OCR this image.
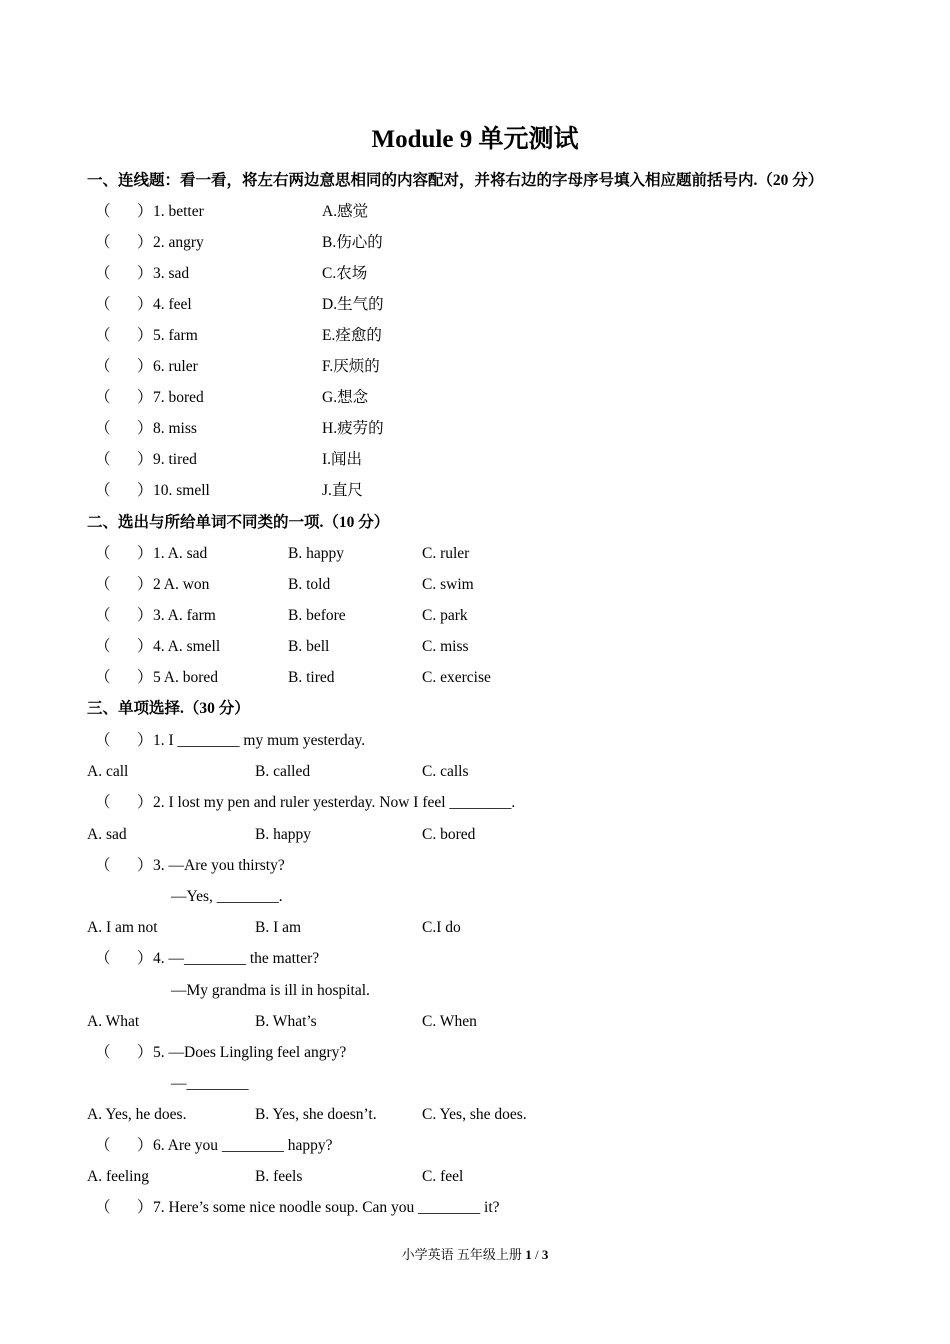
Module 9 单元测试
一、连线题：看一看，将左右两边意思相同的内容配对，并将右边的字母序号填入相应题前括号内.（20 分）
（ ） 1. better	A.感觉
（ ） 2. angry	B.伤心的
（ ） 3. sad	C.农场
（ ） 4. feel	D.生气的
（ ） 5. farm	E.痊愈的
（ ） 6. ruler	F.厌烦的
（ ） 7. bored	G.想念
（ ） 8. miss	H.疲劳的
（ ） 9. tired	I.闻出
（ ） 10. smell	J.直尺
二、选出与所给单词不同类的一项.（10 分）
（ ） 1. A. sad	B. happy	C. ruler
（ ） 2 A. won	B. told	C. swim
（ ） 3. A. farm	B. before	C. park
（ ） 4. A. smell	B. bell	C. miss
（ ） 5 A. bored	B. tired	C. exercise
三、单项选择.（30 分）
（ ） 1. I ________ my mum yesterday.
A. call	B. called	C. calls
（ ） 2. I lost my pen and ruler yesterday. Now I feel ________.
A. sad	B. happy	C. bored
（ ） 3. —Are you thirsty?
—Yes, ________.
A. I am not	B. I am	C.I do
（ ） 4. —________ the matter?
—My grandma is ill in hospital.
A. What	B. What’s	C. When
（ ） 5. —Does Lingling feel angry?
—________
A. Yes, he does.	B. Yes, she doesn’t.	C. Yes, she does.
（ ） 6. Are you ________ happy?
A. feeling	B. feels	C. feel
（ ） 7. Here’s some nice noodle soup. Can you ________ it?
小学英语 五年级上册 1 / 3
